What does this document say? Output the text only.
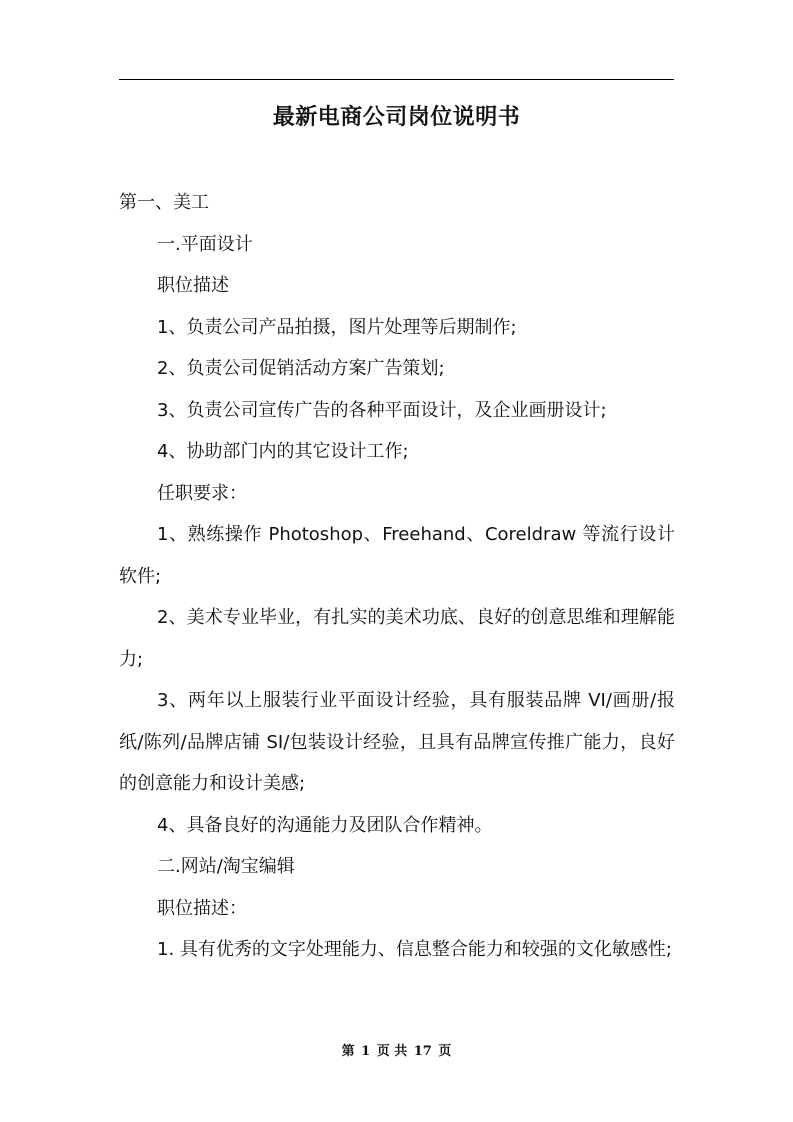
最新电商公司岗位说明书

第一、美工

一.平面设计

职位描述

1、负责公司产品拍摄，图片处理等后期制作;

2、负责公司促销活动方案广告策划;

3、负责公司宣传广告的各种平面设计，及企业画册设计;

4、协助部门内的其它设计工作;

任职要求：

1、熟练操作 Photoshop、Freehand、Coreldraw 等流行设计软件;

2、美术专业毕业，有扎实的美术功底、良好的创意思维和理解能力;

3、两年以上服装行业平面设计经验，具有服装品牌 VI/画册/报纸/陈列/品牌店铺 SI/包装设计经验，且具有品牌宣传推广能力，良好的创意能力和设计美感;

4、具备良好的沟通能力及团队合作精神。

二.网站/淘宝编辑

职位描述：

1. 具有优秀的文字处理能力、信息整合能力和较强的文化敏感性;

第 1 页 共 17 页
